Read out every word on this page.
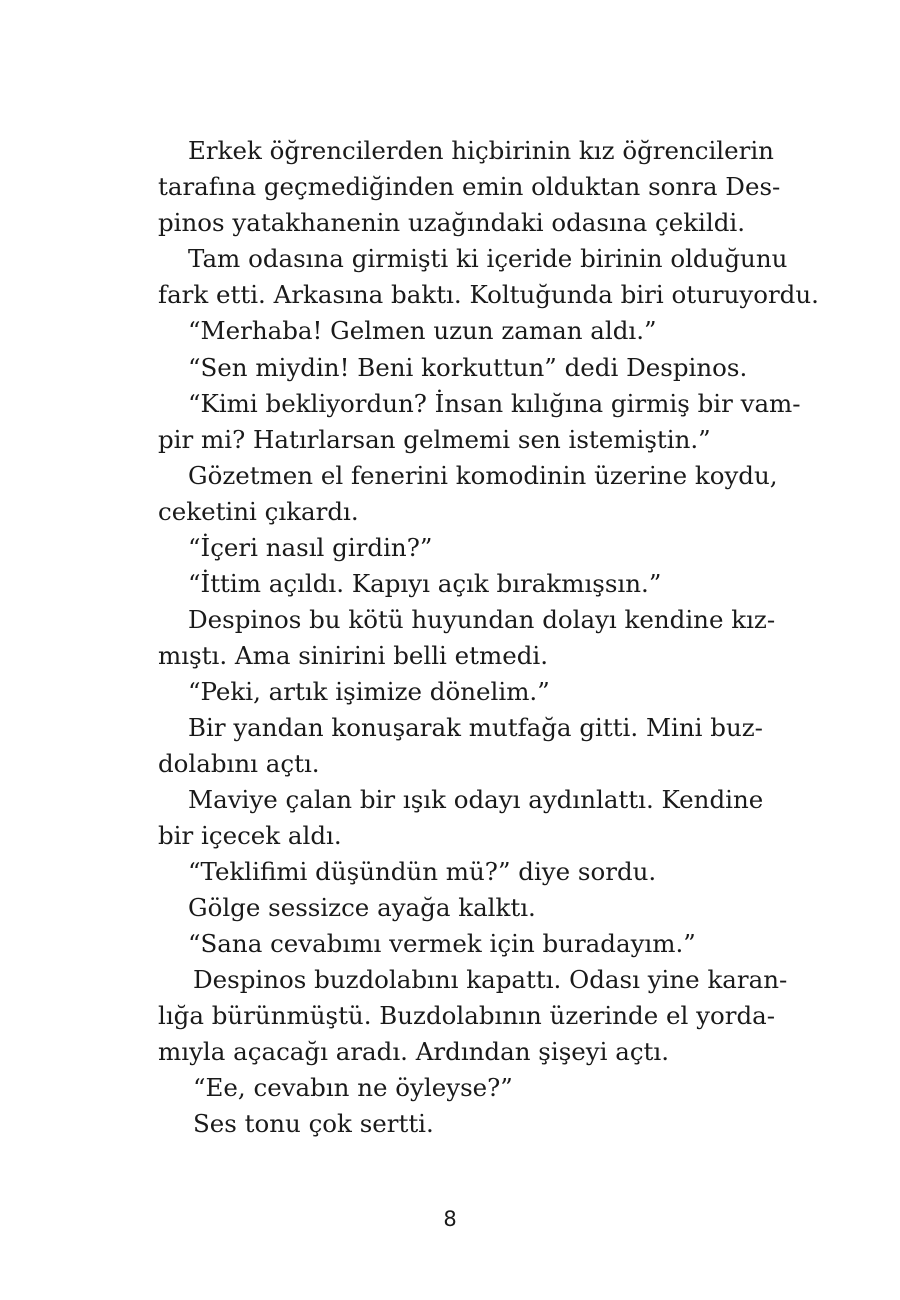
Erkek öğrencilerden hiçbirinin kız öğrencilerin
tarafına geçmediğinden emin olduktan sonra Des-
pinos yatakhanenin uzağındaki odasına çekildi.
Tam odasına girmişti ki içeride birinin olduğunu
fark etti. Arkasına baktı. Koltuğunda biri oturuyordu.
“Merhaba! Gelmen uzun zaman aldı.”
“Sen miydin! Beni korkuttun” dedi Despinos.
“Kimi bekliyordun? İnsan kılığına girmiş bir vam-
pir mi? Hatırlarsan gelmemi sen istemiştin.”
Gözetmen el fenerini komodinin üzerine koydu,
ceketini çıkardı.
“İçeri nasıl girdin?”
“İttim açıldı. Kapıyı açık bırakmışsın.”
Despinos bu kötü huyundan dolayı kendine kız-
mıştı. Ama sinirini belli etmedi.
“Peki, artık işimize dönelim.”
Bir yandan konuşarak mutfağa gitti. Mini buz-
dolabını açtı.
Maviye çalan bir ışık odayı aydınlattı. Kendine
bir içecek aldı.
“Teklifimi düşündün mü?” diye sordu.
Gölge sessizce ayağa kalktı.
“Sana cevabımı vermek için buradayım.”
Despinos buzdolabını kapattı. Odası yine karan-
lığa bürünmüştü. Buzdolabının üzerinde el yorda-
mıyla açacağı aradı. Ardından şişeyi açtı.
“Ee, cevabın ne öyleyse?”
Ses tonu çok sertti.
8
